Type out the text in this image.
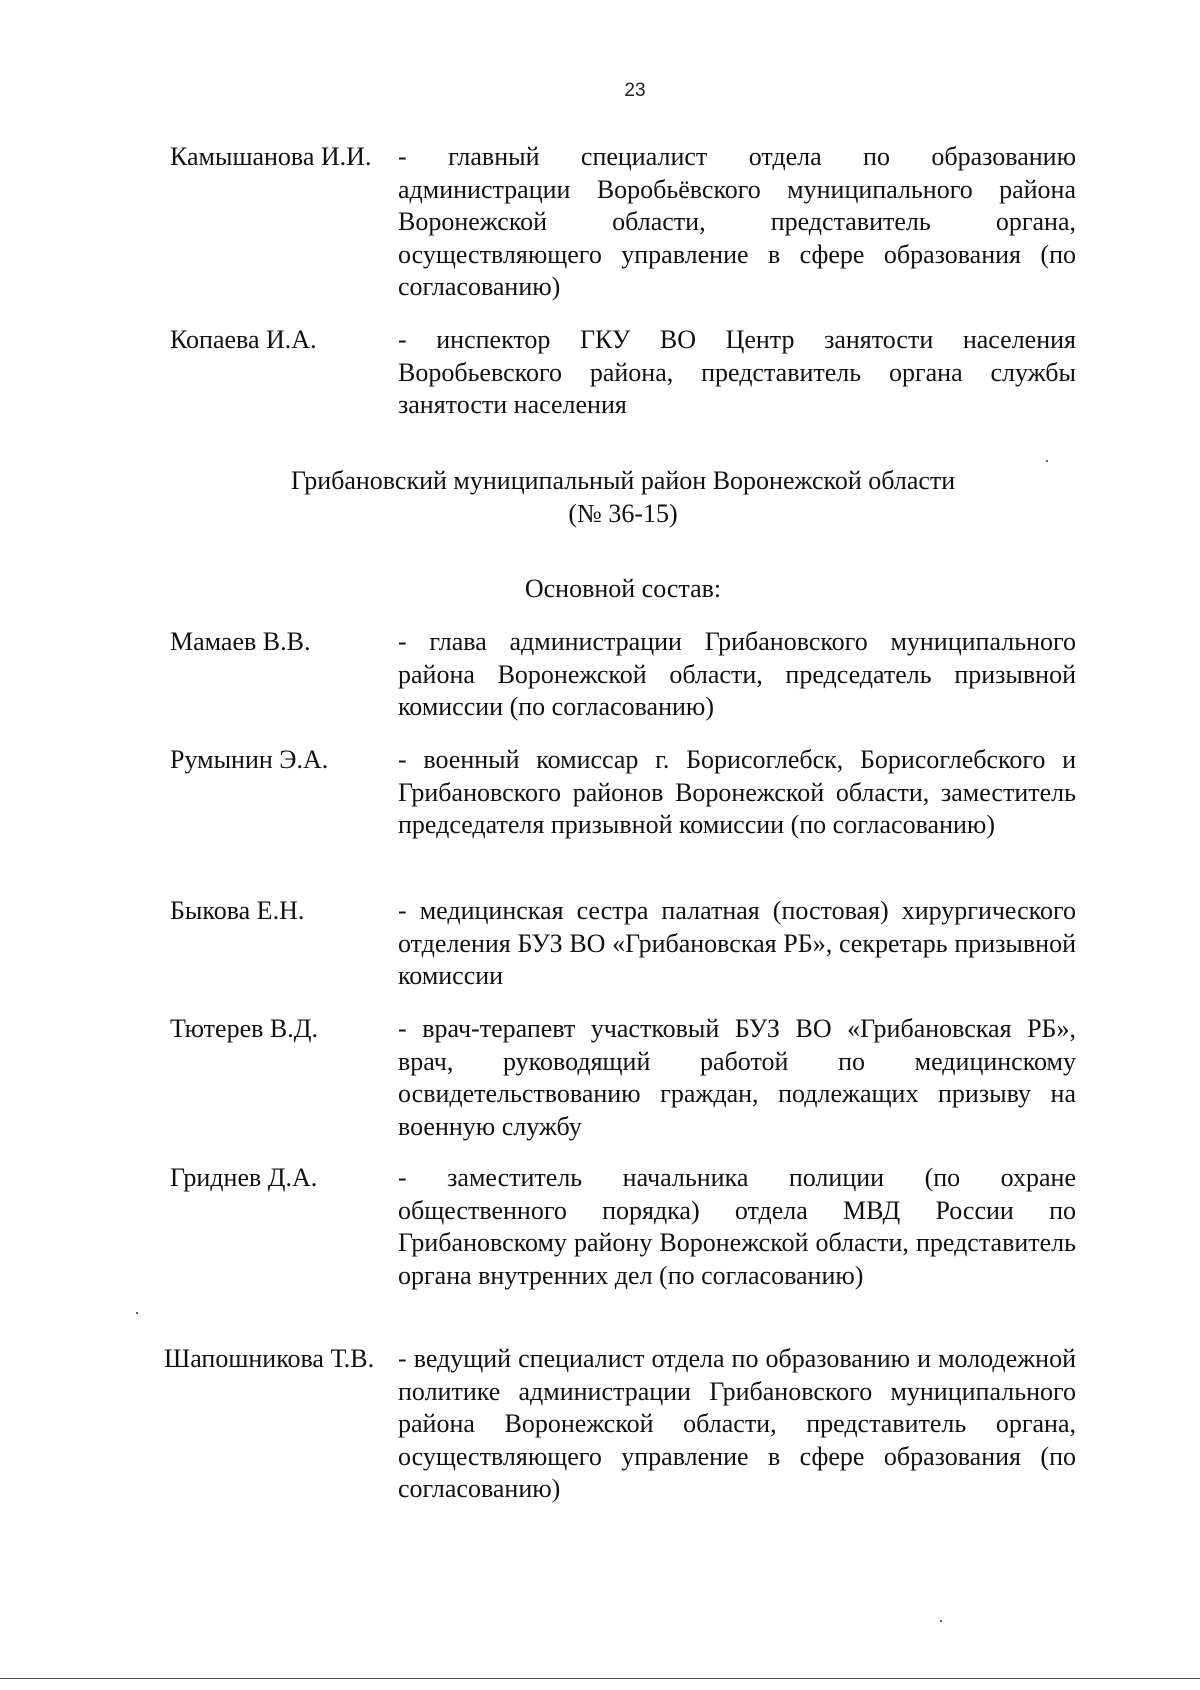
23
Камышанова И.И. - главный специалист отдела по образованию администрации Воробьёвского муниципального района Воронежской области, представитель органа, осуществляющего управление в сфере образования (по согласованию)

Копаева И.А.	- инспектор ГКУ ВО Центр занятости населения Воробьевского района, представитель органа службы занятости населения

Грибановский муниципальный район Воронежской области
(№ 36-15)
Основной состав:
Мамаев В.В.	- глава администрации Грибановского муниципального района Воронежской области, председатель призывной комиссии (по согласованию)

Румынин Э.А.	- военный комиссар г. Борисоглебск, Борисоглебского и Грибановского районов Воронежской области, заместитель председателя призывной комиссии (по согласованию)

Быкова Е.Н.	- медицинская сестра палатная (постовая) хирургического отделения БУЗ ВО «Грибановская РБ», секретарь призывной комиссии

Тютерев В.Д.	- врач-терапевт участковый БУЗ ВО «Грибановская РБ», врач, руководящий работой по медицинскому освидетельствованию граждан, подлежащих призыву на военную службу

Гриднев Д.А.	- заместитель начальника полиции (по охране общественного порядка) отдела МВД России по Грибановскому району Воронежской области, представитель органа внутренних дел (по согласованию)

Шапошникова Т.В. - ведущий специалист отдела по образованию и молодежной политике администрации Грибановского муниципального района Воронежской области, представитель органа, осуществляющего управление в сфере образования (по согласованию)
